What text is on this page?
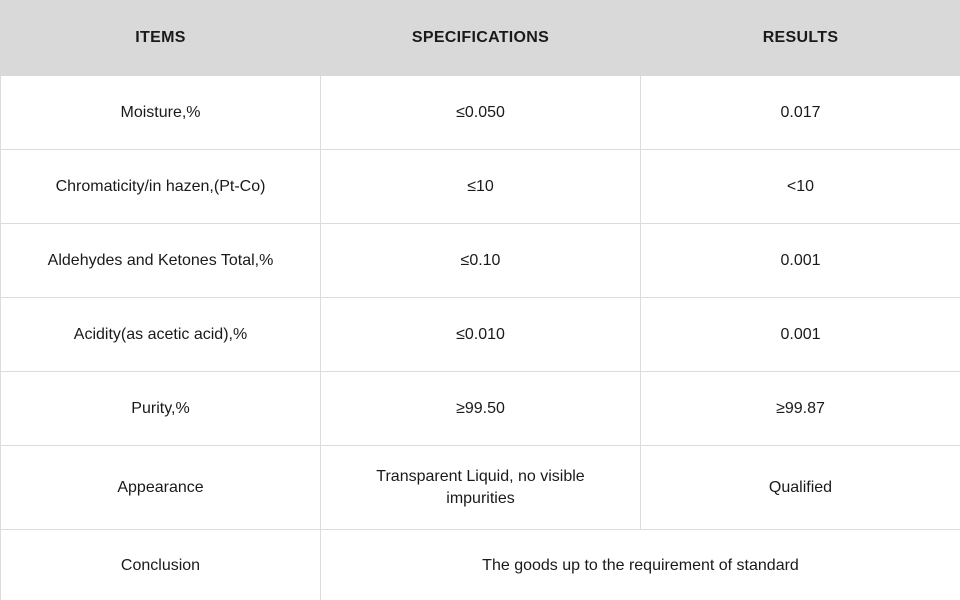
ITEMS	SPECIFICATIONS	RESULTS
Moisture,%	≤0.050	0.017
Chromaticity/in hazen,(Pt-Co)	≤10	<10
Aldehydes and Ketones Total,%	≤0.10	0.001
Acidity(as acetic acid),%	≤0.010	0.001
Purity,%	≥99.50	≥99.87
Appearance	Transparent Liquid, no visible impurities	Qualified
Conclusion	The goods up to the requirement of standard	
